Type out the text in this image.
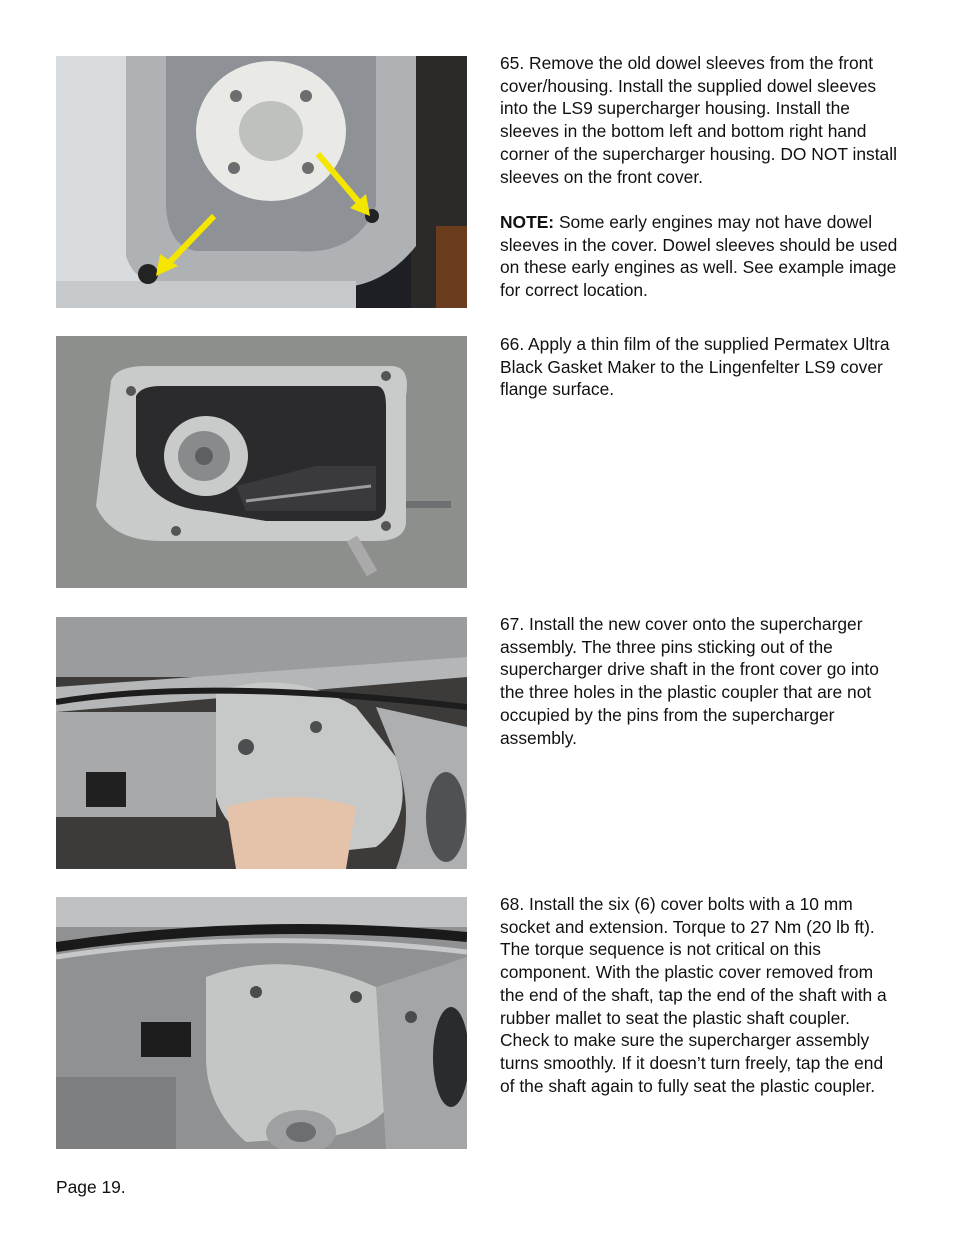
65. Remove the old dowel sleeves from the front cover/housing. Install the supplied dowel sleeves into the LS9 supercharger housing. Install the sleeves in the bottom left and bottom right hand corner of the supercharger housing. DO NOT install sleeves on the front cover.

NOTE: Some early engines may not have dowel sleeves in the cover. Dowel sleeves should be used on these early engines as well. See example image for correct location.

66. Apply a thin film of the supplied Permatex Ultra Black Gasket Maker to the Lingenfelter LS9 cover flange surface.

67. Install the new cover onto the supercharger assembly. The three pins sticking out of the supercharger drive shaft in the front cover go into the three holes in the plastic coupler that are not occupied by the pins from the supercharger assembly.

68. Install the six (6) cover bolts with a 10 mm socket and extension. Torque to 27 Nm (20 lb ft). The torque sequence is not critical on this component. With the plastic cover removed from the end of the shaft, tap the end of the shaft with a rubber mallet to seat the plastic shaft coupler. Check to make sure the supercharger assembly turns smoothly. If it doesn’t turn freely, tap the end of the shaft again to fully seat the plastic coupler.

Page 19.
